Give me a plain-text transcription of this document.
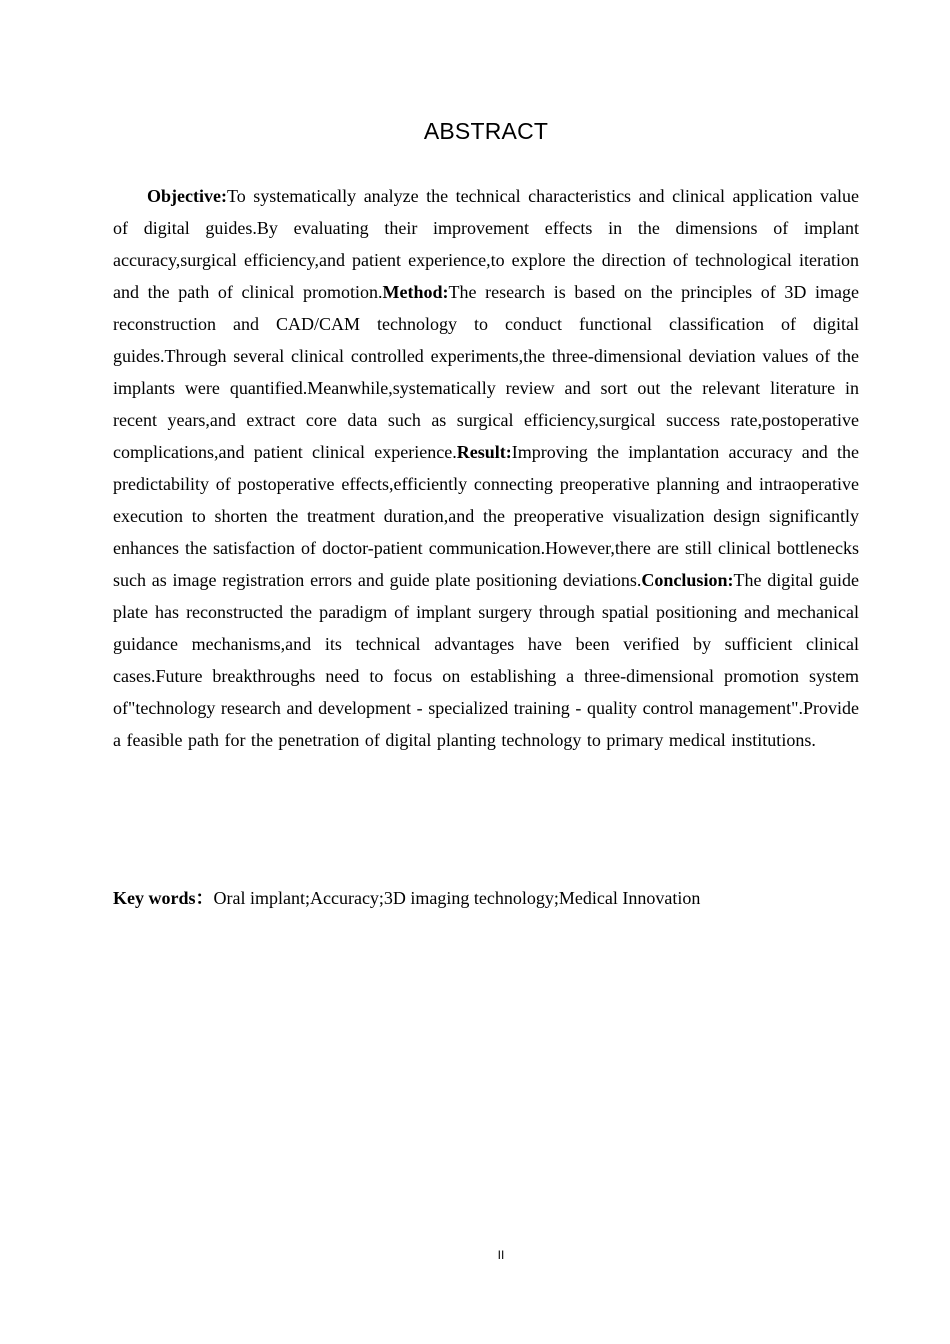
ABSTRACT

Objective:To systematically analyze the technical characteristics and clinical application value of digital guides.By evaluating their improvement effects in the dimensions of implant accuracy,surgical efficiency,and patient experience,to explore the direction of technological iteration and the path of clinical promotion.Method:The research is based on the principles of 3D image reconstruction and CAD/CAM technology to conduct functional classification of digital guides.Through several clinical controlled experiments,the three-dimensional deviation values of the implants were quantified.Meanwhile,systematically review and sort out the relevant literature in recent years,and extract core data such as surgical efficiency,surgical success rate,postoperative complications,and patient clinical experience.Result:Improving the implantation accuracy and the predictability of postoperative effects,efficiently connecting preoperative planning and intraoperative execution to shorten the treatment duration,and the preoperative visualization design significantly enhances the satisfaction of doctor-patient communication.However,there are still clinical bottlenecks such as image registration errors and guide plate positioning deviations.Conclusion:The digital guide plate has reconstructed the paradigm of implant surgery through spatial positioning and mechanical guidance mechanisms,and its technical advantages have been verified by sufficient clinical cases.Future breakthroughs need to focus on establishing a three-dimensional promotion system of"technology research and development - specialized training - quality control management".Provide a feasible path for the penetration of digital planting technology to primary medical institutions.

Key words：Oral implant;Accuracy;3D imaging technology;Medical Innovation

II
